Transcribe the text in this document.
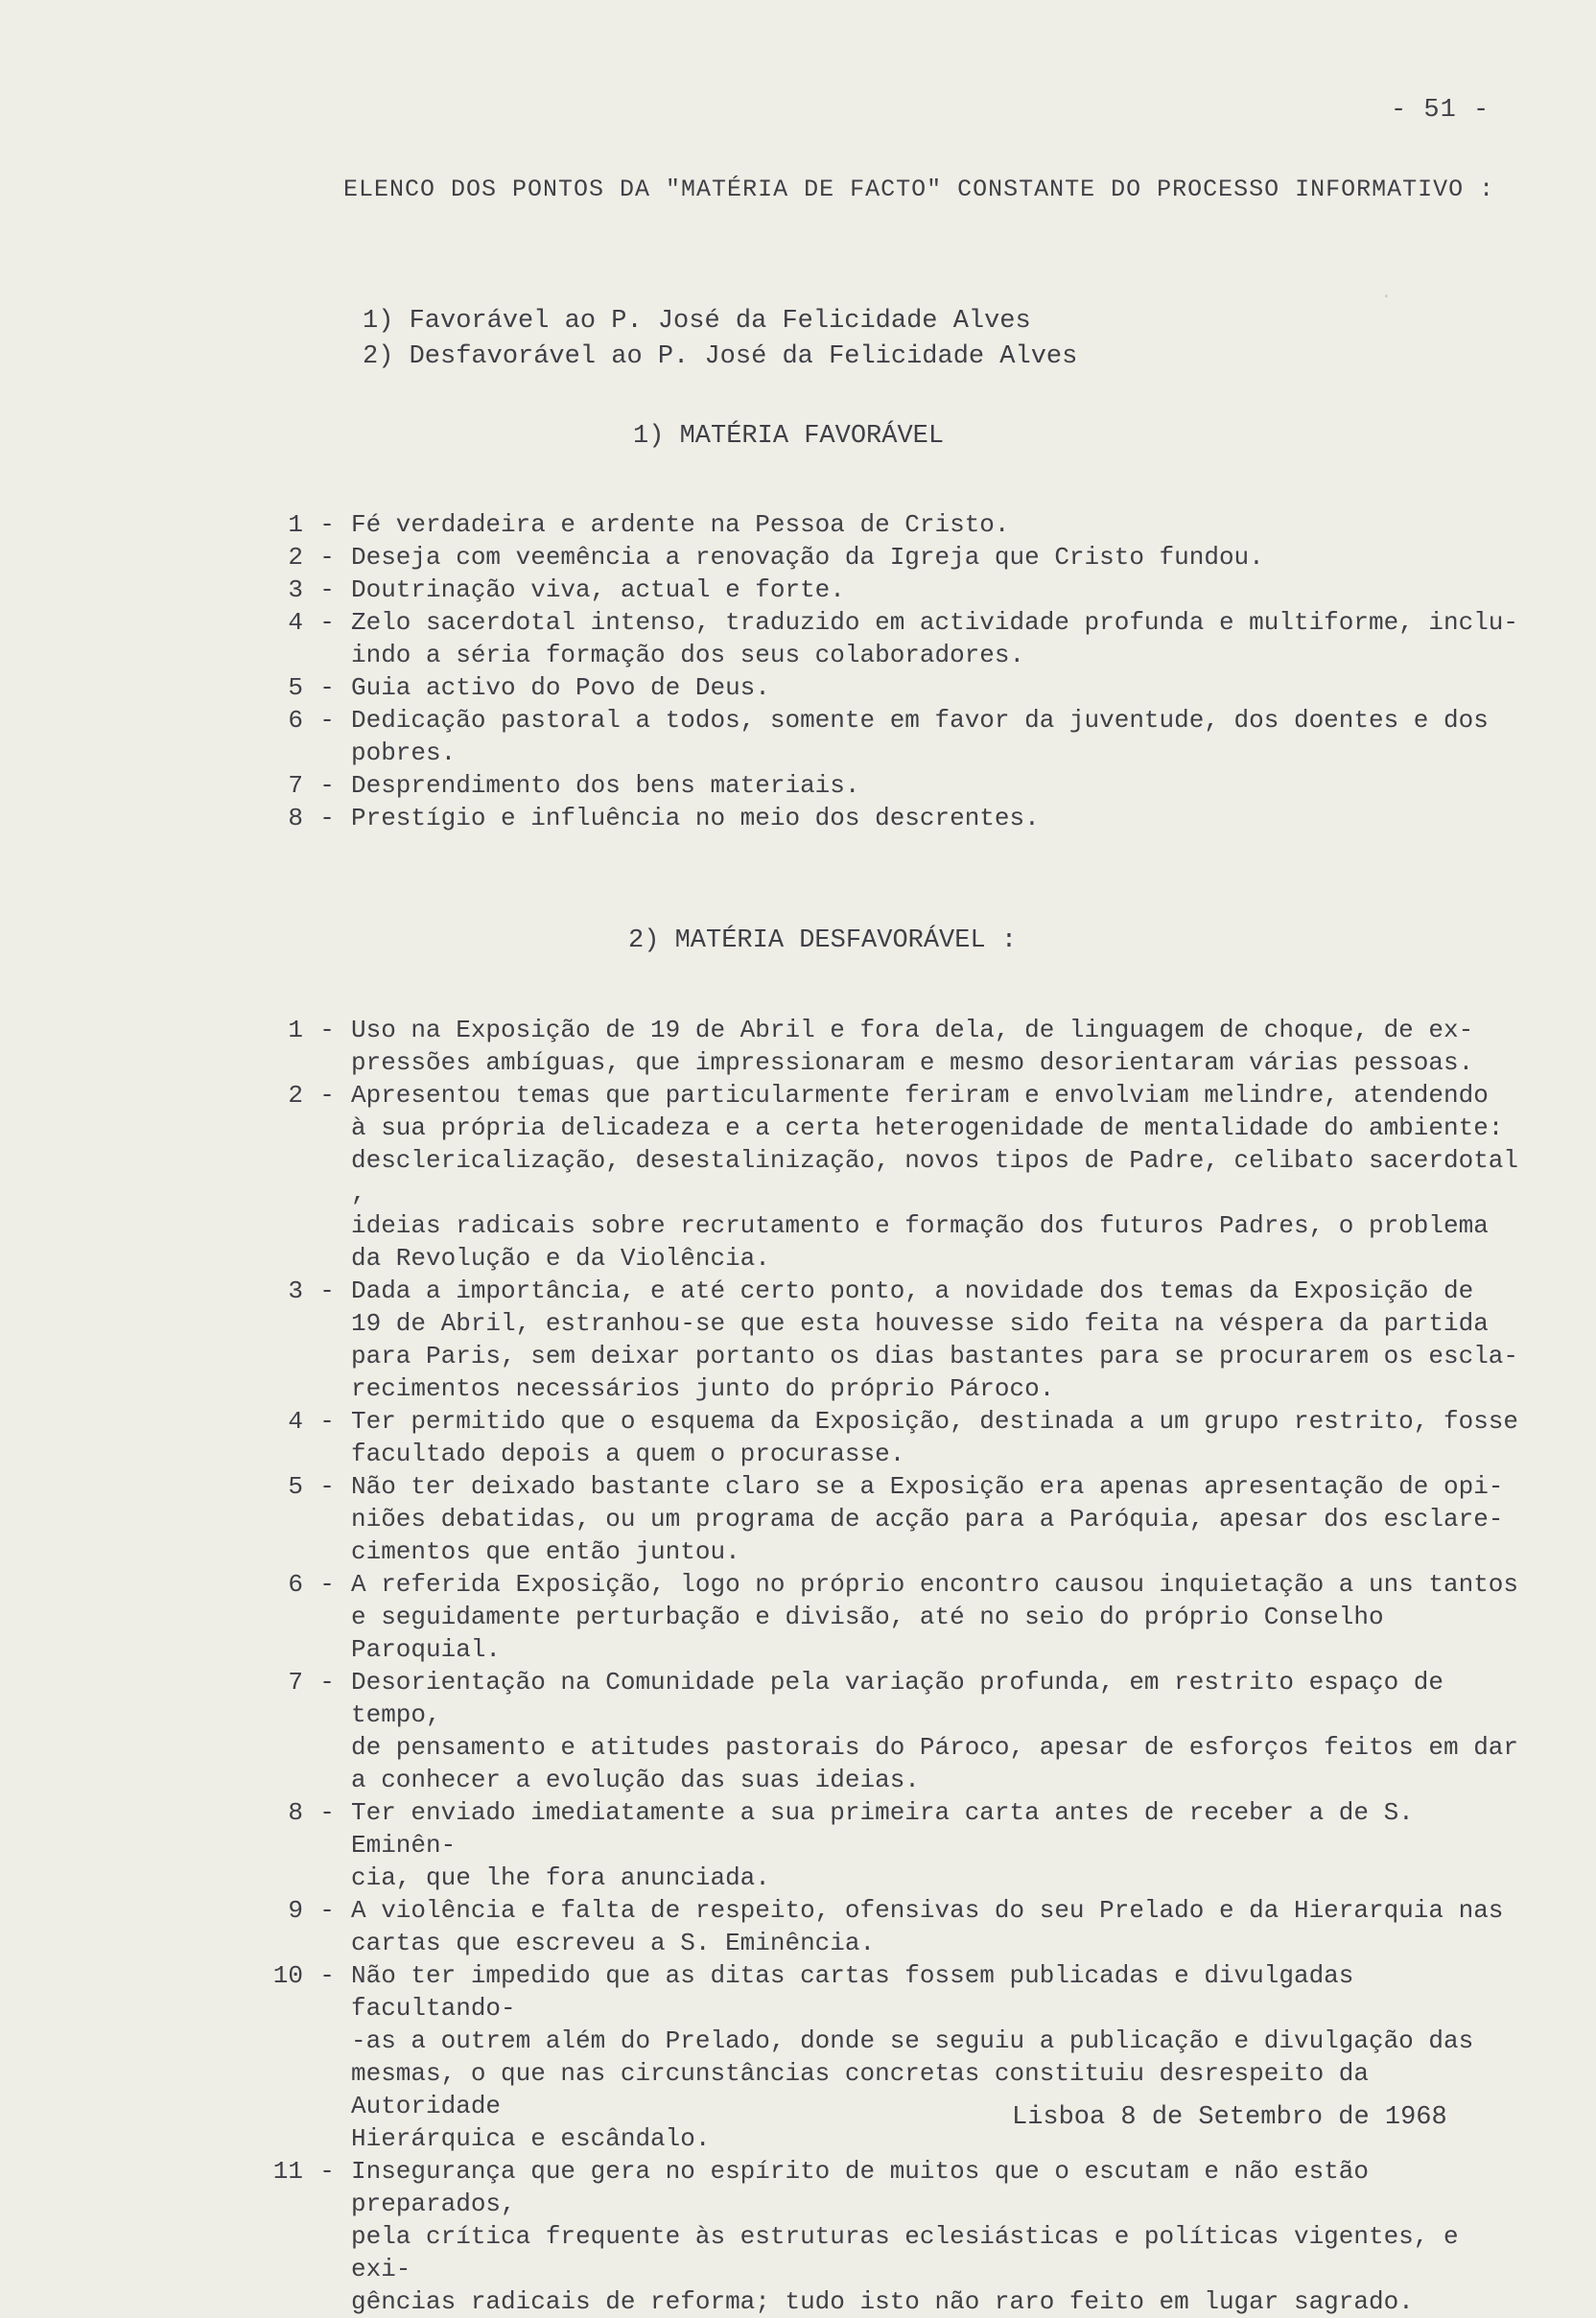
·
- 51 -
ELENCO DOS PONTOS DA "MATÉRIA DE FACTO" CONSTANTE DO PROCESSO INFORMATIVO :
1) Favorável ao P. José da Felicidade Alves
2) Desfavorável ao P. José da Felicidade Alves
1) MATÉRIA FAVORÁVEL
1 - Fé verdadeira e ardente na Pessoa de Cristo.
2 - Deseja com veemência a renovação da Igreja que Cristo fundou.
3 - Doutrinação viva, actual e forte.
4 - Zelo sacerdotal intenso, traduzido em actividade profunda e multiforme, inclu-
indo a séria formação dos seus colaboradores.
5 - Guia activo do Povo de Deus.
6 - Dedicação pastoral a todos, somente em favor da juventude, dos doentes e dos
pobres.
7 - Desprendimento dos bens materiais.
8 - Prestígio e influência no meio dos descrentes.
2) MATÉRIA DESFAVORÁVEL :
1 - Uso na Exposição de 19 de Abril e fora dela, de linguagem de choque, de ex-
pressões ambíguas, que impressionaram e mesmo desorientaram várias pessoas.
2 - Apresentou temas que particularmente feriram e envolviam melindre, atendendo
à sua própria delicadeza e a certa heterogenidade de mentalidade do ambiente:
desclericalização, desestalinização, novos tipos de Padre, celibato sacerdotal ,
ideias radicais sobre recrutamento e formação dos futuros Padres, o problema
da Revolução e da Violência.
3 - Dada a importância, e até certo ponto, a novidade dos temas da Exposição de
19 de Abril, estranhou-se que esta houvesse sido feita na véspera da partida
para Paris, sem deixar portanto os dias bastantes para se procurarem os escla-
recimentos necessários junto do próprio Pároco.
4 - Ter permitido que o esquema da Exposição, destinada a um grupo restrito, fosse
facultado depois a quem o procurasse.
5 - Não ter deixado bastante claro se a Exposição era apenas apresentação de opi-
niões debatidas, ou um programa de acção para a Paróquia, apesar dos esclare-
cimentos que então juntou.
6 - A referida Exposição, logo no próprio encontro causou inquietação a uns tantos
e seguidamente perturbação e divisão, até no seio do próprio Conselho Paroquial.
7 - Desorientação na Comunidade pela variação profunda, em restrito espaço de tempo,
de pensamento e atitudes pastorais do Pároco, apesar de esforços feitos em dar
a conhecer a evolução das suas ideias.
8 - Ter enviado imediatamente a sua primeira carta antes de receber a de S. Eminên-
cia, que lhe fora anunciada.
9 - A violência e falta de respeito, ofensivas do seu Prelado e da Hierarquia nas
cartas que escreveu a S. Eminência.
10 - Não ter impedido que as ditas cartas fossem publicadas e divulgadas facultando-
-as a outrem além do Prelado, donde se seguiu a publicação e divulgação das
mesmas, o que nas circunstâncias concretas constituiu desrespeito da Autoridade
Hierárquica e escândalo.
11 - Insegurança que gera no espírito de muitos que o escutam e não estão preparados,
pela crítica frequente às estruturas eclesiásticas e políticas vigentes, e exi-
gências radicais de reforma; tudo isto não raro feito em lugar sagrado.
Lisboa 8 de Setembro de 1968
